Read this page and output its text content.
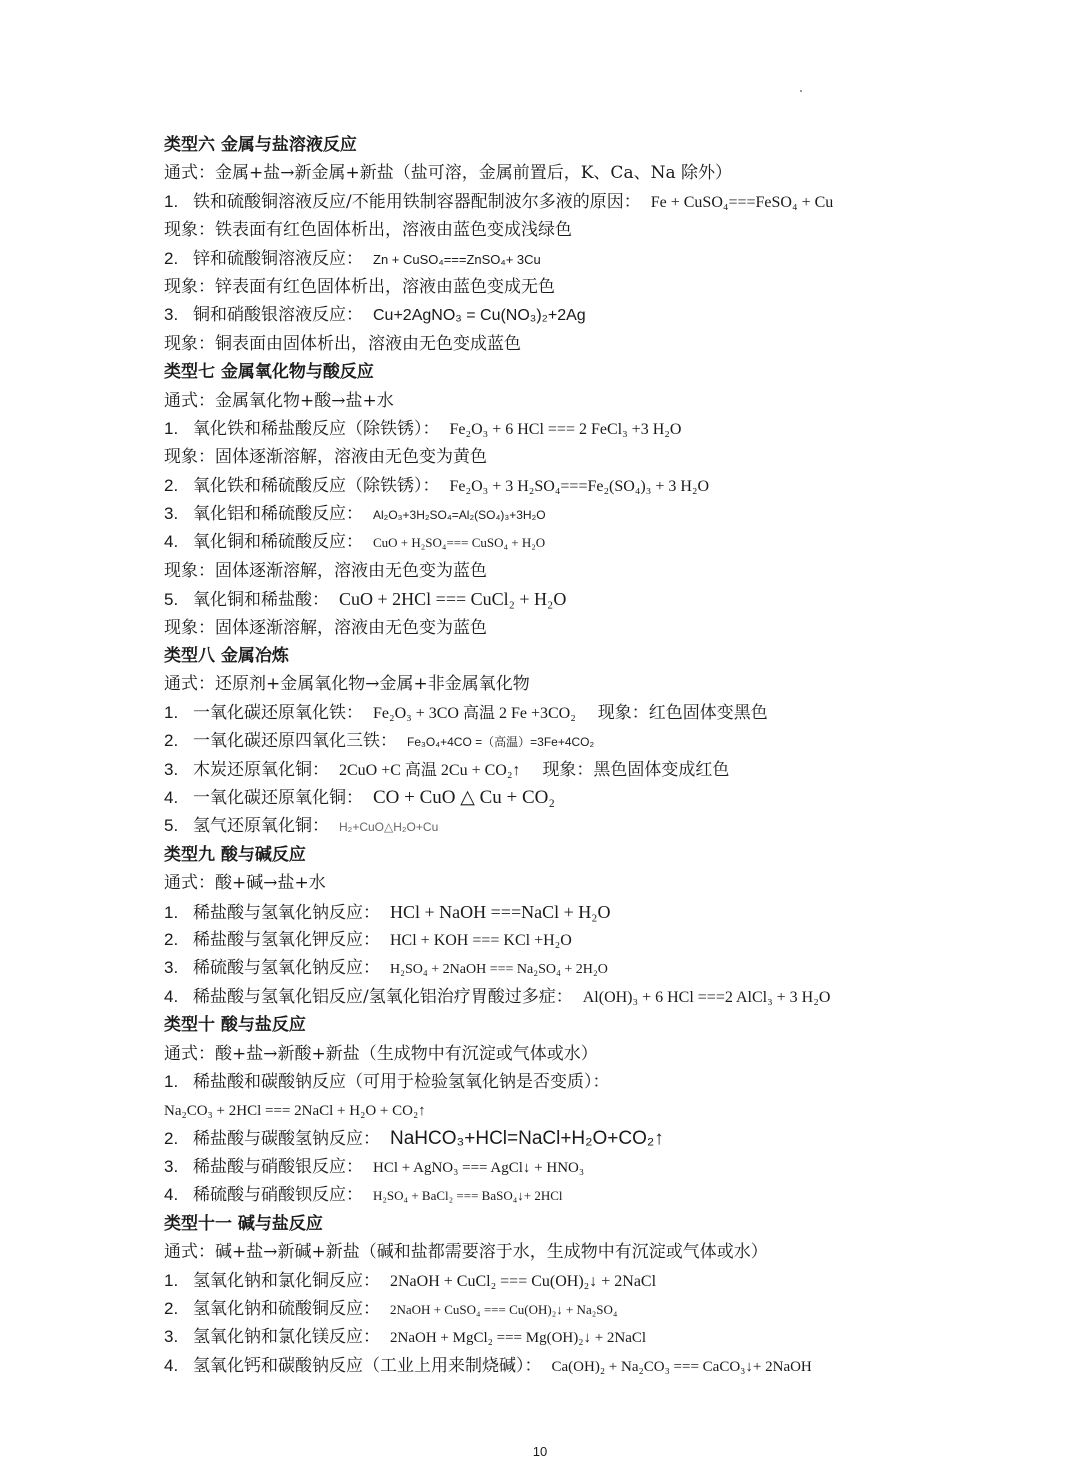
类型六 金属与盐溶液反应
通式：金属+盐→新金属+新盐（盐可溶，金属前置后，K、Ca、Na 除外）
1. 铁和硫酸铜溶液反应/不能用铁制容器配制波尔多液的原因： Fe + CuSO₄===FeSO₄ + Cu
现象：铁表面有红色固体析出，溶液由蓝色变成浅绿色
2. 锌和硫酸铜溶液反应： Zn + CuSO₄===ZnSO₄+ 3Cu
现象：锌表面有红色固体析出，溶液由蓝色变成无色
3. 铜和硝酸银溶液反应： Cu+2AgNO₃ = Cu(NO₃)₂+2Ag
现象：铜表面由固体析出，溶液由无色变成蓝色
类型七 金属氧化物与酸反应
通式：金属氧化物+酸→盐+水
1. 氧化铁和稀盐酸反应（除铁锈）： Fe₂O₃ + 6 HCl === 2 FeCl₃ +3 H₂O
现象：固体逐渐溶解，溶液由无色变为黄色
2. 氧化铁和稀硫酸反应（除铁锈）： Fe₂O₃ + 3 H₂SO₄===Fe₂(SO₄)₃ + 3 H₂O
3. 氧化铝和稀硫酸反应： Al₂O₃+3H₂SO₄=Al₂(SO₄)₃+3H₂O
4. 氧化铜和稀硫酸反应： CuO + H₂SO₄=== CuSO₄ + H₂O
现象：固体逐渐溶解，溶液由无色变为蓝色
5. 氧化铜和稀盐酸： CuO + 2HCl === CuCl₂ + H₂O
现象：固体逐渐溶解，溶液由无色变为蓝色
类型八 金属冶炼
通式：还原剂+金属氧化物→金属+非金属氧化物
1. 一氧化碳还原氧化铁： Fe₂O₃ + 3CO 高温 2 Fe +3CO₂ 现象：红色固体变黑色
2. 一氧化碳还原四氧化三铁： Fe₃O₄+4CO =（高温）=3Fe+4CO₂
3. 木炭还原氧化铜： 2CuO +C 高温 2Cu + CO₂↑ 现象：黑色固体变成红色
4. 一氧化碳还原氧化铜： CO + CuO △ Cu + CO₂
5. 氢气还原氧化铜： H₂+CuO△H₂O+Cu
类型九 酸与碱反应
通式：酸+碱→盐+水
1. 稀盐酸与氢氧化钠反应： HCl + NaOH ===NaCl + H₂O
2. 稀盐酸与氢氧化钾反应： HCl + KOH === KCl +H₂O
3. 稀硫酸与氢氧化钠反应： H₂SO₄ + 2NaOH === Na₂SO₄ + 2H₂O
4. 稀盐酸与氢氧化铝反应/氢氧化铝治疗胃酸过多症： Al(OH)₃ + 6 HCl ===2 AlCl₃ + 3 H₂O
类型十 酸与盐反应
通式：酸+盐→新酸+新盐（生成物中有沉淀或气体或水）
1. 稀盐酸和碳酸钠反应（可用于检验氢氧化钠是否变质）：
Na₂CO₃ + 2HCl === 2NaCl + H₂O + CO₂↑
2. 稀盐酸与碳酸氢钠反应： NaHCO₃+HCl=NaCl+H₂O+CO₂↑
3. 稀盐酸与硝酸银反应： HCl + AgNO₃ === AgCl↓ + HNO₃
4. 稀硫酸与硝酸钡反应： H₂SO₄ + BaCl₂ === BaSO₄↓+ 2HCl
类型十一 碱与盐反应
通式：碱+盐→新碱+新盐（碱和盐都需要溶于水，生成物中有沉淀或气体或水）
1. 氢氧化钠和氯化铜反应： 2NaOH + CuCl₂ === Cu(OH)₂↓ + 2NaCl
2. 氢氧化钠和硫酸铜反应： 2NaOH + CuSO₄ === Cu(OH)₂↓ + Na₂SO₄
3. 氢氧化钠和氯化镁反应： 2NaOH + MgCl₂ === Mg(OH)₂↓ + 2NaCl
4. 氢氧化钙和碳酸钠反应（工业上用来制烧碱）： Ca(OH)₂ + Na₂CO₃ === CaCO₃↓+ 2NaOH
10
